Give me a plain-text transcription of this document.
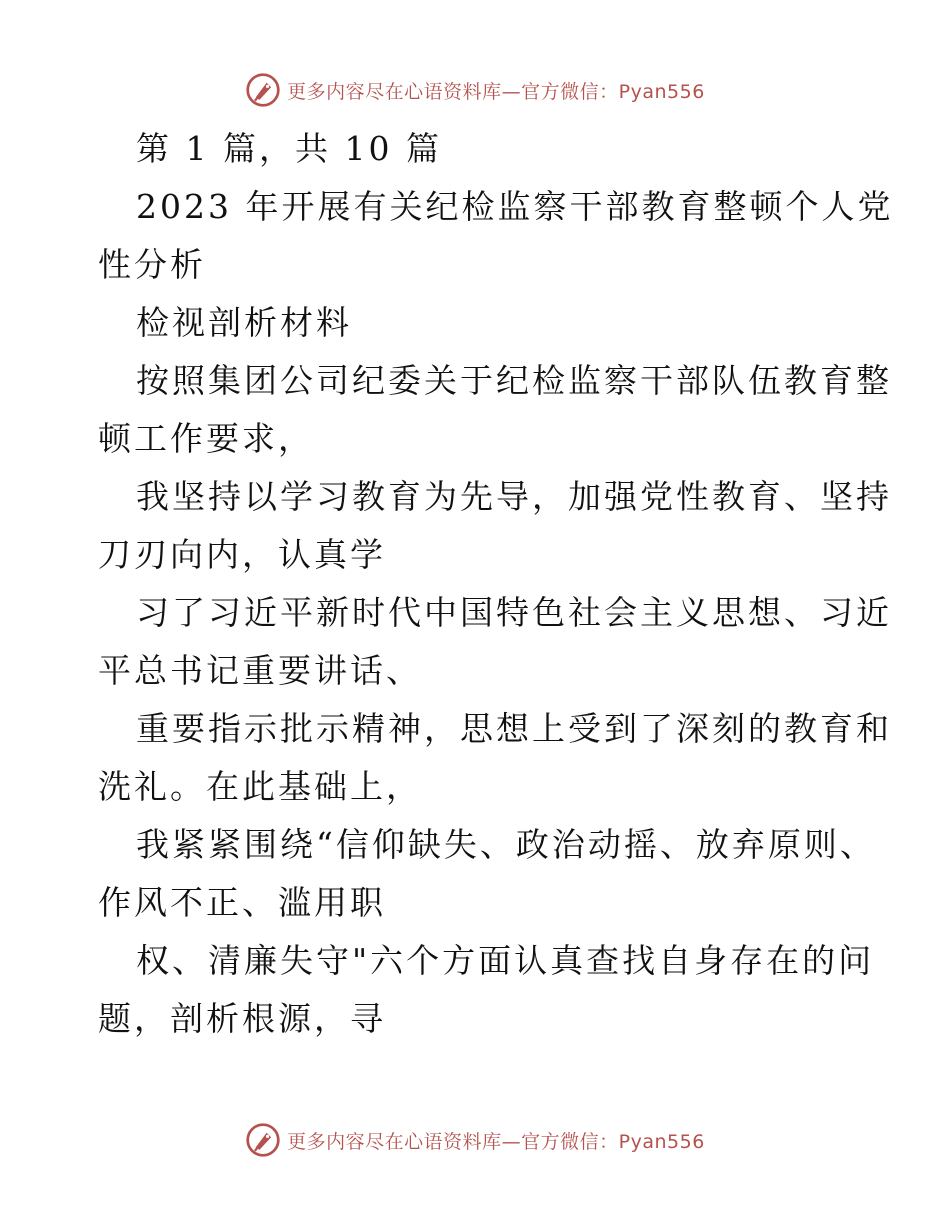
更多内容尽在心语资料库—官方微信：Pyan556
第 1 篇，共 10 篇
2023 年开展有关纪检监察干部教育整顿个人党
性分析
检视剖析材料
按照集团公司纪委关于纪检监察干部队伍教育整
顿工作要求，
我坚持以学习教育为先导，加强党性教育、坚持
刀刃向内，认真学
习了习近平新时代中国特色社会主义思想、习近
平总书记重要讲话、
重要指示批示精神，思想上受到了深刻的教育和
洗礼。在此基础上，
我紧紧围绕“信仰缺失、政治动摇、放弃原则、
作风不正、滥用职
权、清廉失守"六个方面认真查找自身存在的问
题，剖析根源，寻
更多内容尽在心语资料库—官方微信：Pyan556
